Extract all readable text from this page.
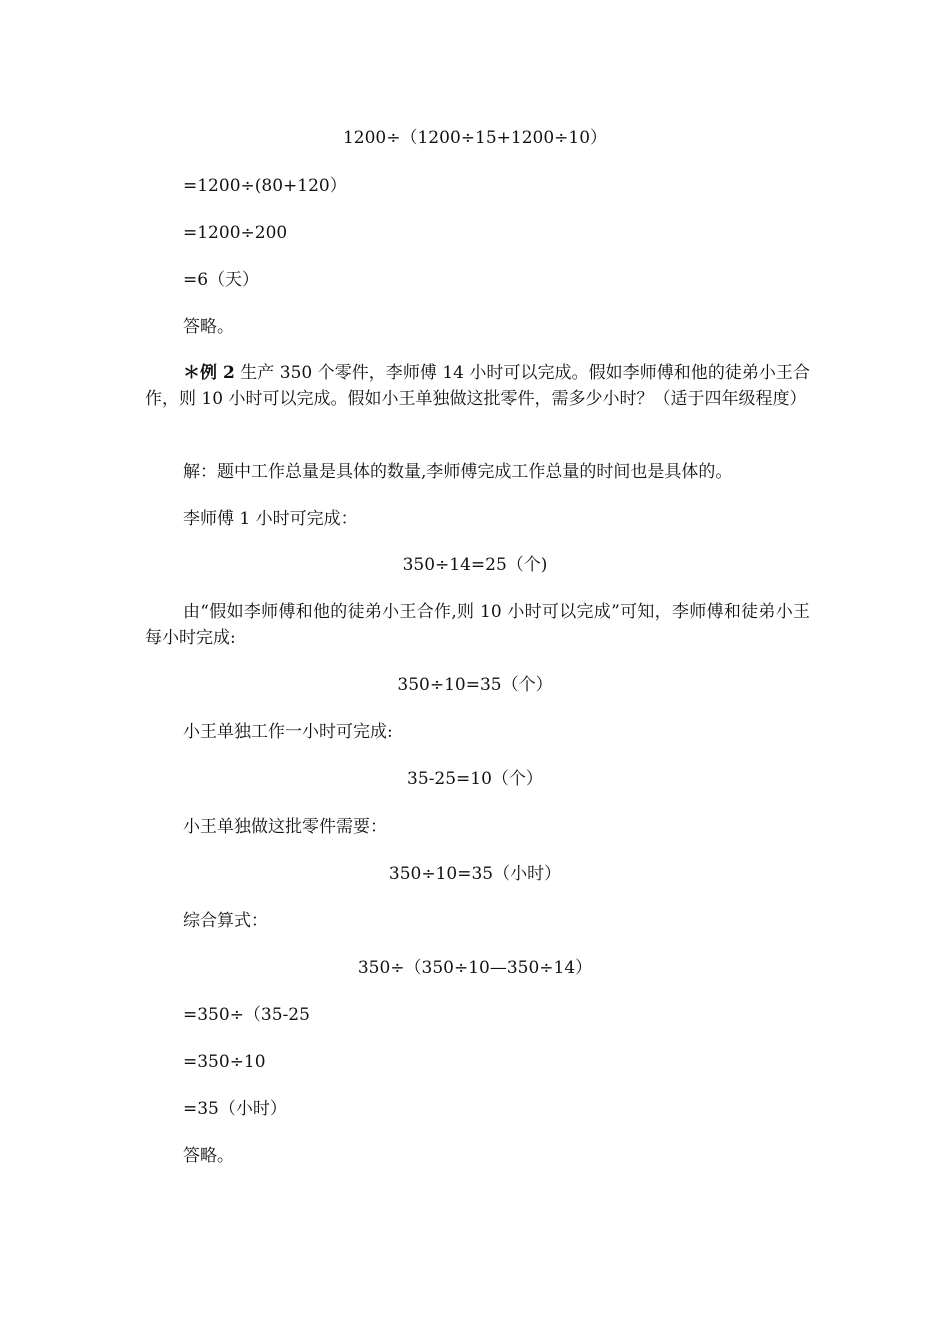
1200÷（1200÷15+1200÷10）
=1200÷(80+120）
=1200÷200
=6（天）
答略。
＊例 2 生产 350 个零件，李师傅 14 小时可以完成。假如李师傅和他的徒弟小王合作，则 10 小时可以完成。假如小王单独做这批零件，需多少小时？（适于四年级程度）
解：题中工作总量是具体的数量,李师傅完成工作总量的时间也是具体的。
李师傅 1 小时可完成：
350÷14=25（个)
由“假如李师傅和他的徒弟小王合作,则 10 小时可以完成”可知，李师傅和徒弟小王每小时完成:
350÷10=35（个）
小王单独工作一小时可完成:
35-25=10（个）
小王单独做这批零件需要：
350÷10=35（小时）
综合算式：
350÷（350÷10—350÷14）
=350÷（35-25
=350÷10
=35（小时）
答略。
